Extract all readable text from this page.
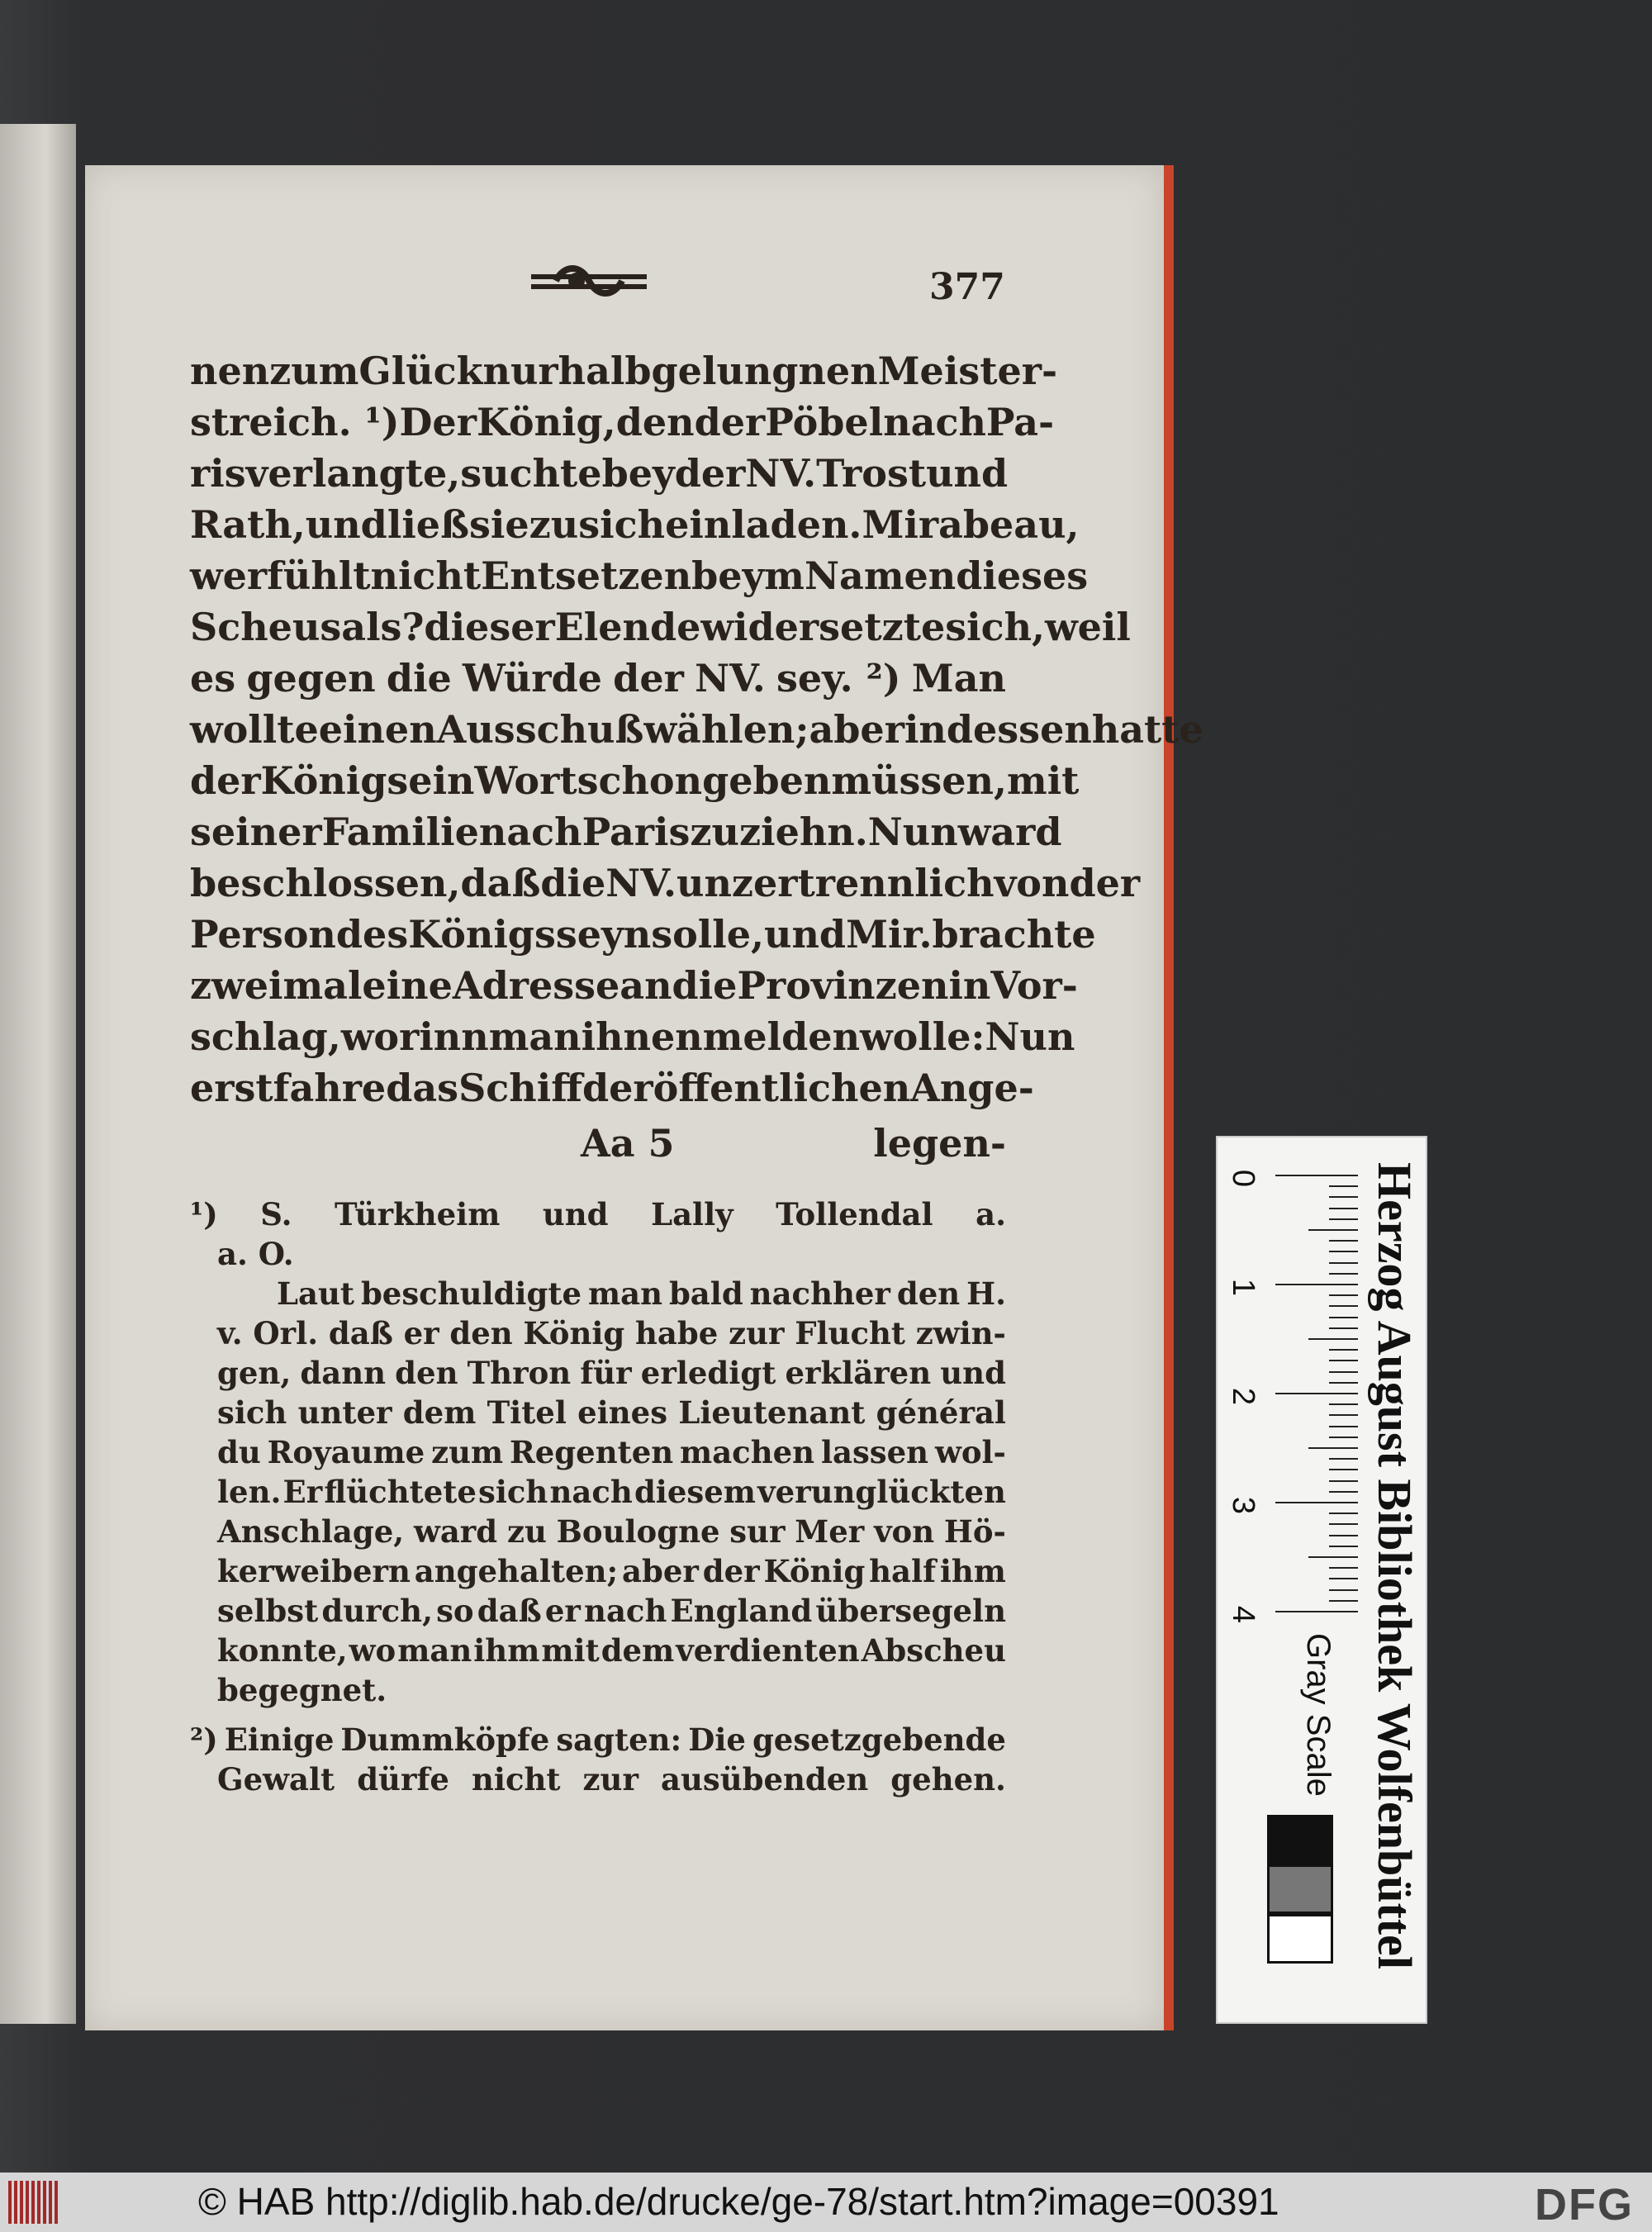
377
nen zum Glück nur halb gelungnen Meister-
streich. ¹) Der König, den der Pöbel nach Pa-
ris verlangte, suchte bey der NV. Trost und
Rath, und ließ sie zu sich einladen. Mirabeau,
wer fühlt nicht Entsetzen beym Namen dieses
Scheusals? dieser Elende widersetzte sich, weil
es gegen die Würde der NV. sey. ²) Man
wollte einen Ausschuß wählen; aber indessen hatte
der König sein Wort schon geben müssen, mit
seiner Familie nach Paris zu ziehn. Nun ward
beschlossen, daß die NV. unzertrennlich von der
Person des Königs seyn solle, und Mir. brachte
zweimal eine Adresse an die Provinzen in Vor-
schlag, worinn man ihnen melden wolle: Nun
erst fahre das Schiff der öffentlichen Ange-
Aa 5	legen-
¹) S. Türkheim und Lally Tollendal a.
a. O.
Laut beschuldigte man bald nachher den H.
v. Orl. daß er den König habe zur Flucht zwin-
gen, dann den Thron für erledigt erklären und
sich unter dem Titel eines Lieutenant général
du Royaume zum Regenten machen lassen wol-
len. Er flüchtete sich nach diesem verunglückten
Anschlage, ward zu Boulogne sur Mer von Hö-
kerweibern angehalten; aber der König half ihm
selbst durch, so daß er nach England übersegeln
konnte, wo man ihm mit dem verdienten Abscheu
begegnet.
²) Einige Dummköpfe sagten: Die gesetzgebende
Gewalt dürfe nicht zur ausübenden gehen.	Herzog August Bibliothek Wolfenbüttel
0
1
2
3
4
Gray Scale
© HAB http://diglib.hab.de/drucke/ge-78/start.htm?image=00391	DFG
